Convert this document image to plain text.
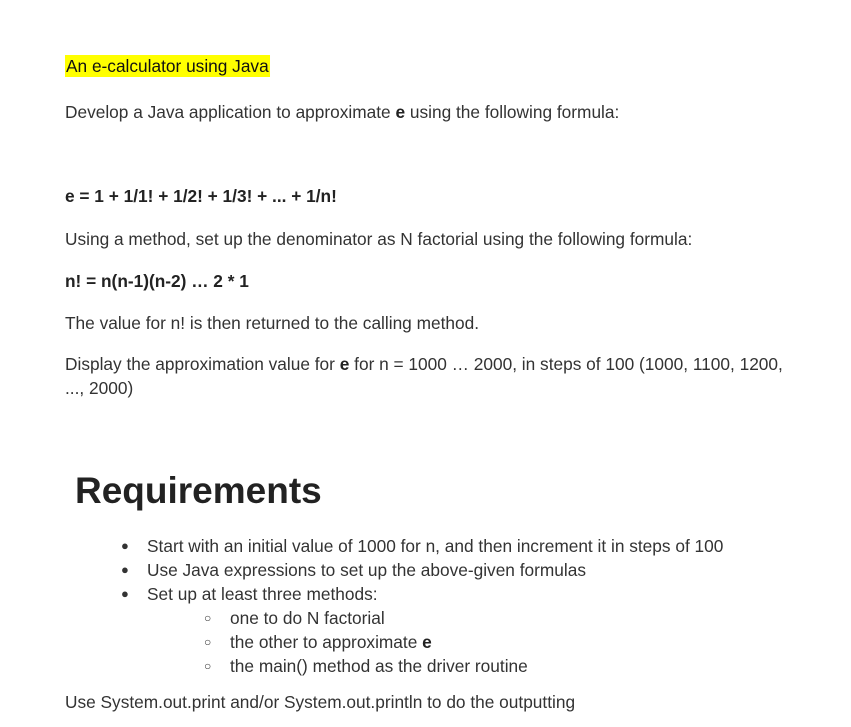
An e-calculator using Java
Develop a Java application to approximate e using the following formula:
e = 1 + 1/1! + 1/2! + 1/3! + ... + 1/n!
Using a method, set up the denominator as N factorial using the following formula:
n! = n(n-1)(n-2) … 2 * 1
The value for n! is then returned to the calling method.
Display the approximation value for e for n = 1000 … 2000, in steps of 100 (1000, 1100, 1200, ..., 2000)
Requirements
● Start with an initial value of 1000 for n, and then increment it in steps of 100
● Use Java expressions to set up the above-given formulas
● Set up at least three methods:
○ one to do N factorial
○ the other to approximate e
○ the main() method as the driver routine
Use System.out.print and/or System.out.println to do the outputting
